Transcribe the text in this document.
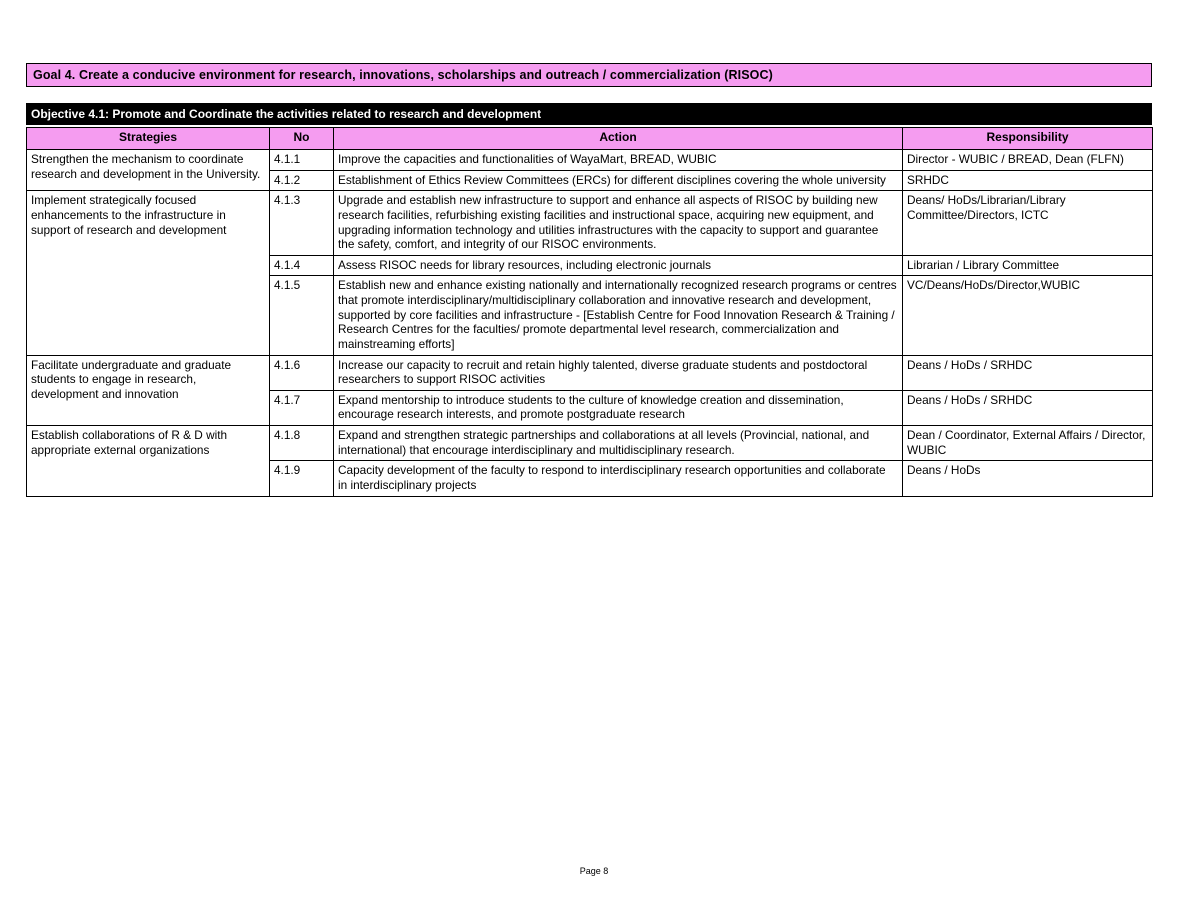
Goal 4. Create a conducive environment for research, innovations, scholarships and outreach / commercialization (RISOC)
Objective 4.1: Promote and Coordinate the activities related to research and development
Strategies	No	Action	Responsibility
Strengthen the mechanism to coordinate research and development in the University.	4.1.1	Improve the capacities and functionalities of WayaMart, BREAD, WUBIC	Director - WUBIC / BREAD, Dean (FLFN)
	4.1.2	Establishment of Ethics Review Committees (ERCs) for different disciplines covering the whole university	SRHDC
Implement strategically focused enhancements to the infrastructure in support of research and development	4.1.3	Upgrade and establish new infrastructure to support and enhance all aspects of RISOC by building new research facilities, refurbishing existing facilities and instructional space, acquiring new equipment, and upgrading information technology and utilities infrastructures with the capacity to support and guarantee the safety, comfort, and integrity of our RISOC environments.	Deans/ HoDs/Librarian/Library Committee/Directors, ICTC
	4.1.4	Assess RISOC needs for library resources, including electronic journals	Librarian / Library Committee
	4.1.5	Establish new and enhance existing nationally and internationally recognized research programs or centres that promote interdisciplinary/multidisciplinary collaboration and innovative research and development, supported by core facilities and infrastructure - [Establish Centre for Food Innovation Research & Training / Research Centres for the faculties/ promote departmental level research, commercialization and mainstreaming efforts]	VC/Deans/HoDs/Director,WUBIC
Facilitate undergraduate and graduate students to engage in research, development and innovation	4.1.6	Increase our capacity to recruit and retain highly talented, diverse graduate students and postdoctoral researchers to support RISOC activities	Deans / HoDs / SRHDC
	4.1.7	Expand mentorship to introduce students to the culture of knowledge creation and dissemination, encourage research interests, and promote postgraduate research	Deans / HoDs / SRHDC
Establish collaborations of R & D with appropriate external organizations	4.1.8	Expand and strengthen strategic partnerships and collaborations at all levels (Provincial, national, and international) that encourage interdisciplinary and multidisciplinary research.	Dean / Coordinator, External Affairs / Director, WUBIC
	4.1.9	Capacity development of the faculty to respond to interdisciplinary research opportunities and collaborate in interdisciplinary projects	Deans / HoDs
Page 8
